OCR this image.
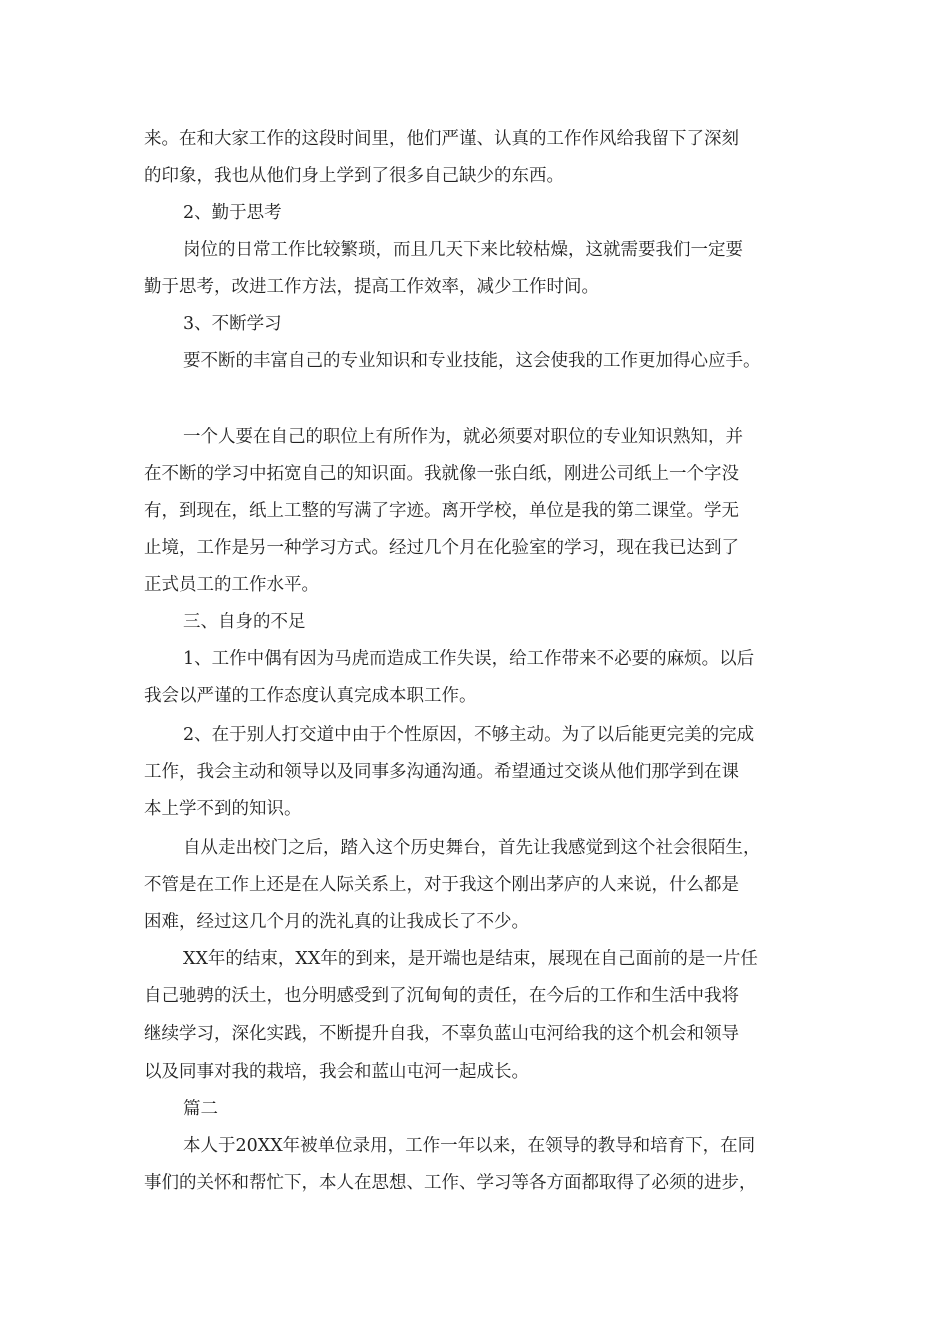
来。在和大家工作的这段时间里，他们严谨、认真的工作作风给我留下了深刻
的印象，我也从他们身上学到了很多自己缺少的东西。
2、勤于思考
岗位的日常工作比较繁琐，而且几天下来比较枯燥，这就需要我们一定要
勤于思考，改进工作方法，提高工作效率，减少工作时间。
3、不断学习
要不断的丰富自己的专业知识和专业技能，这会使我的工作更加得心应手。
一个人要在自己的职位上有所作为，就必须要对职位的专业知识熟知，并
在不断的学习中拓宽自己的知识面。我就像一张白纸，刚进公司纸上一个字没
有，到现在，纸上工整的写满了字迹。离开学校，单位是我的第二课堂。学无
止境，工作是另一种学习方式。经过几个月在化验室的学习，现在我已达到了
正式员工的工作水平。
三、自身的不足
1、工作中偶有因为马虎而造成工作失误，给工作带来不必要的麻烦。以后
我会以严谨的工作态度认真完成本职工作。
2、在于别人打交道中由于个性原因，不够主动。为了以后能更完美的完成
工作，我会主动和领导以及同事多沟通沟通。希望通过交谈从他们那学到在课
本上学不到的知识。
自从走出校门之后，踏入这个历史舞台，首先让我感觉到这个社会很陌生，
不管是在工作上还是在人际关系上，对于我这个刚出茅庐的人来说，什么都是
困难，经过这几个月的洗礼真的让我成长了不少。
XX年的结束，XX年的到来，是开端也是结束，展现在自己面前的是一片任
自己驰骋的沃土，也分明感受到了沉甸甸的责任，在今后的工作和生活中我将
继续学习，深化实践，不断提升自我，不辜负蓝山屯河给我的这个机会和领导
以及同事对我的栽培，我会和蓝山屯河一起成长。
篇二
本人于20XX年被单位录用，工作一年以来，在领导的教导和培育下，在同
事们的关怀和帮忙下，本人在思想、工作、学习等各方面都取得了必须的进步，
